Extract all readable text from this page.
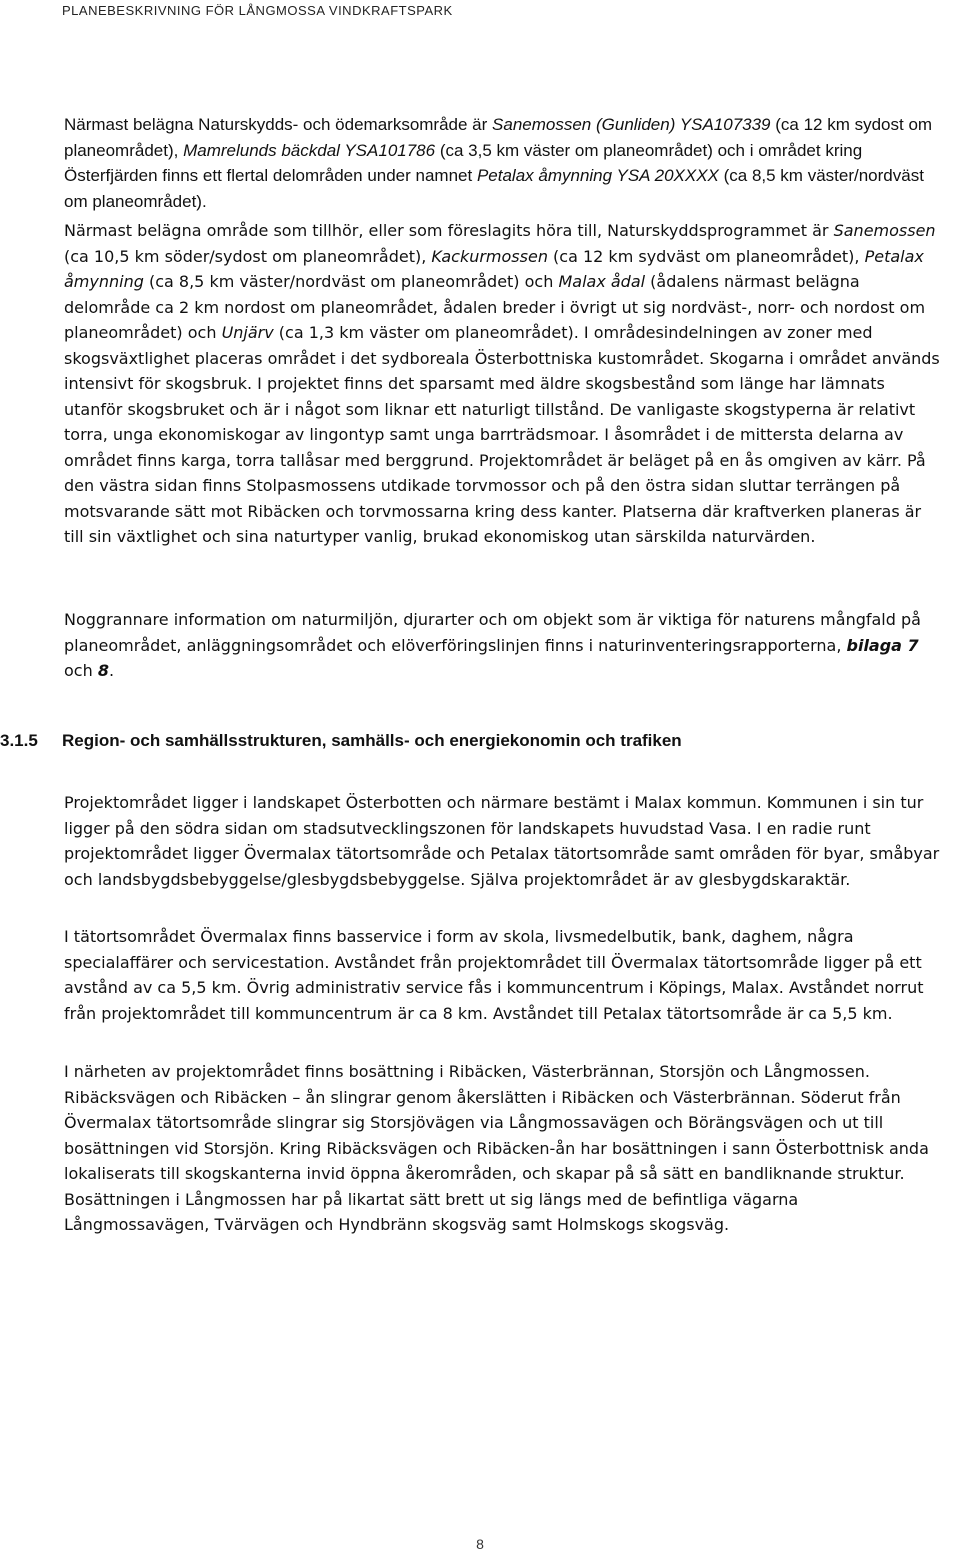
PLANEBESKRIVNING FÖR LÅNGMOSSA VINDKRAFTSPARK

Närmast belägna Naturskydds- och ödemarksområde är Sanemossen (Gunliden) YSA107339 (ca 12 km sydost om planeområdet), Mamrelunds bäckdal YSA101786 (ca 3,5 km väster om planeområdet) och i området kring Österfjärden finns ett flertal delområden under namnet Petalax åmynning YSA 20XXXX (ca 8,5 km väster/nordväst om planeområdet).

Närmast belägna område som tillhör, eller som föreslagits höra till, Naturskyddsprogrammet är Sanemossen (ca 10,5 km söder/sydost om planeområdet), Kackurmossen (ca 12 km sydväst om planeområdet), Petalax åmynning (ca 8,5 km väster/nordväst om planeområdet) och Malax ådal (ådalens närmast belägna delområde ca 2 km nordost om planeområdet, ådalen breder i övrigt ut sig nordväst-, norr- och nordost om planeområdet) och Unjärv (ca 1,3 km väster om planeområdet). I områdesindelningen av zoner med skogsväxtlighet placeras området i det sydboreala Österbottniska kustområdet. Skogarna i området används intensivt för skogsbruk. I projektet finns det sparsamt med äldre skogsbestånd som länge har lämnats utanför skogsbruket och är i något som liknar ett naturligt tillstånd. De vanligaste skogstyperna är relativt torra, unga ekonomiskogar av lingontyp samt unga barrträdsmoar. I åsområdet i de mittersta delarna av området finns karga, torra tallåsar med berggrund. Projektområdet är beläget på en ås omgiven av kärr. På den västra sidan finns Stolpasmossens utdikade torvmossor och på den östra sidan sluttar terrängen på motsvarande sätt mot Ribäcken och torvmossarna kring dess kanter. Platserna där kraftverken planeras är till sin växtlighet och sina naturtyper vanlig, brukad ekonomiskog utan särskilda naturvärden.

Noggrannare information om naturmiljön, djurarter och om objekt som är viktiga för naturens mångfald på planeområdet, anläggningsområdet och elöverföringslinjen finns i naturinventeringsrapporterna, bilaga 7 och 8.

3.1.5 Region- och samhällsstrukturen, samhälls- och energiekonomin och trafiken

Projektområdet ligger i landskapet Österbotten och närmare bestämt i Malax kommun. Kommunen i sin tur ligger på den södra sidan om stadsutvecklingszonen för landskapets huvudstad Vasa. I en radie runt projektområdet ligger Övermalax tätortsområde och Petalax tätortsområde samt områden för byar, småbyar och landsbygdsbebyggelse/glesbygdsbebyggelse. Själva projektområdet är av glesbygdskaraktär.

I tätortsområdet Övermalax finns basservice i form av skola, livsmedelbutik, bank, daghem, några specialaffärer och servicestation. Avståndet från projektområdet till Övermalax tätortsområde ligger på ett avstånd av ca 5,5 km. Övrig administrativ service fås i kommuncentrum i Köpings, Malax. Avståndet norrut från projektområdet till kommuncentrum är ca 8 km. Avståndet till Petalax tätortsområde är ca 5,5 km.

I närheten av projektområdet finns bosättning i Ribäcken, Västerbrännan, Storsjön och Långmossen. Ribäcksvägen och Ribäcken – ån slingrar genom åkerslätten i Ribäcken och Västerbrännan. Söderut från Övermalax tätortsområde slingrar sig Storsjövägen via Långmossavägen och Börängsvägen och ut till bosättningen vid Storsjön. Kring Ribäcksvägen och Ribäcken-ån har bosättningen i sann Österbottnisk anda lokaliserats till skogskanterna invid öppna åkerområden, och skapar på så sätt en bandliknande struktur. Bosättningen i Långmossen har på likartat sätt brett ut sig längs med de befintliga vägarna Långmossavägen, Tvärvägen och Hyndbränn skogsväg samt Holmskogs skogsväg.

8
